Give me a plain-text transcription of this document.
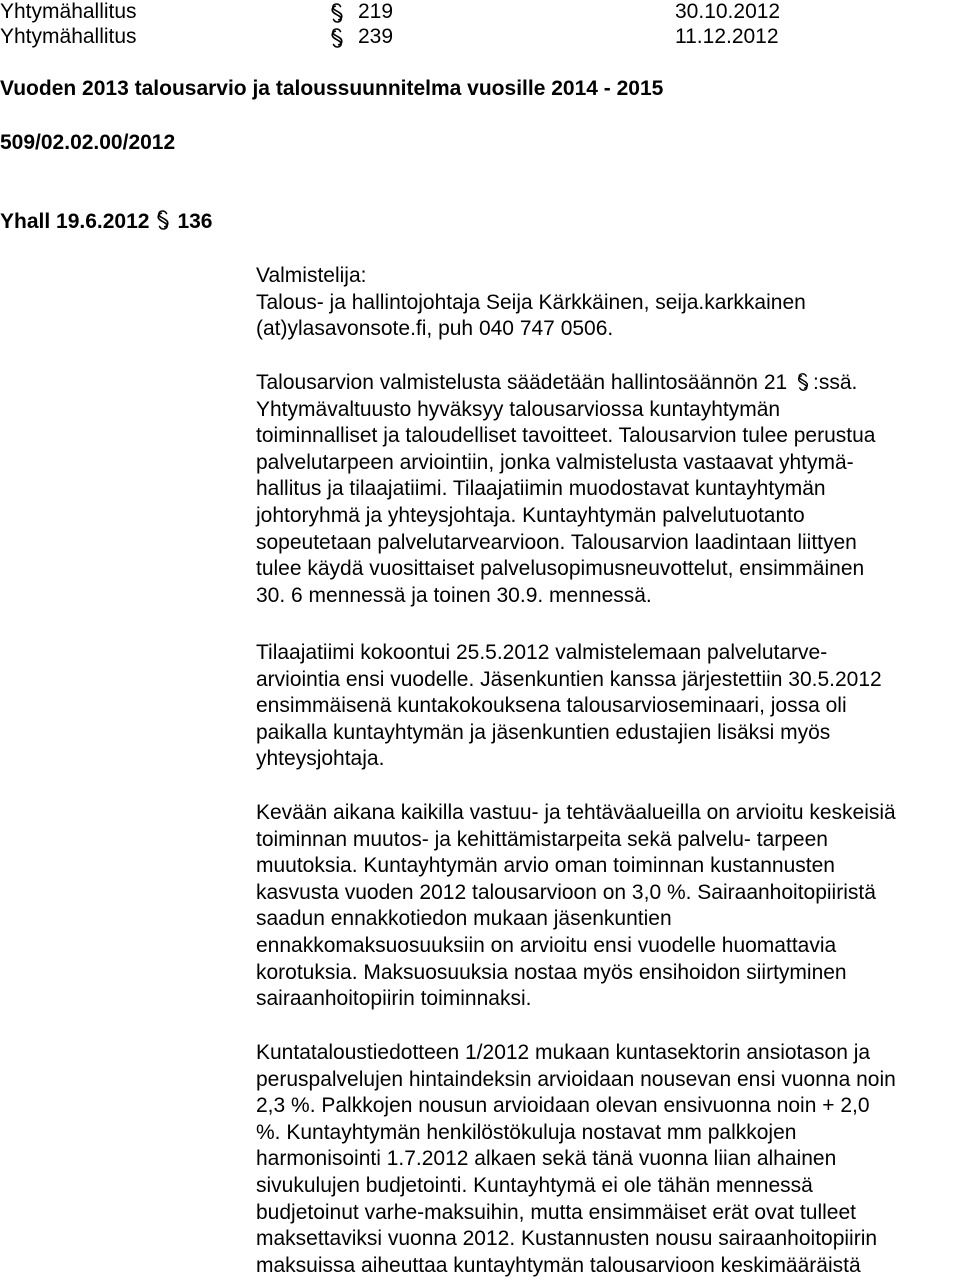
Yhtymähallitus	219	30.10.2012
Yhtymähallitus	239	11.12.2012
Vuoden 2013 talousarvio ja taloussuunnitelma vuosille 2014 - 2015
509/02.02.00/2012
Yhall 19.6.2012 136
Valmistelija:
Talous- ja hallintojohtaja Seija Kärkkäinen, seija.karkkainen
(at)ylasavonsote.fi, puh 040 747 0506.
Talousarvion valmistelusta säädetään hallintosäännön 21 :ssä.
Yhtymävaltuusto hyväksyy talousarviossa kuntayhtymän
toiminnalliset ja taloudelliset tavoitteet. Talousarvion tulee perustua
palvelutarpeen arviointiin, jonka valmistelusta vastaavat yhtymä-
hallitus ja tilaajatiimi. Tilaajatiimin muodostavat kuntayhtymän
johtoryhmä ja yhteysjohtaja. Kuntayhtymän palvelutuotanto
sopeutetaan palvelutarvearvioon. Talousarvion laadintaan liittyen
tulee käydä vuosittaiset palvelusopimusneuvottelut, ensimmäinen
30. 6 mennessä ja toinen 30.9. mennessä.
Tilaajatiimi kokoontui 25.5.2012 valmistelemaan palvelutarve-
arviointia ensi vuodelle. Jäsenkuntien kanssa järjestettiin 30.5.2012
ensimmäisenä kuntakokouksena talousarvioseminaari, jossa oli
paikalla kuntayhtymän ja jäsenkuntien edustajien lisäksi myös
yhteysjohtaja.
Kevään aikana kaikilla vastuu- ja tehtäväalueilla on arvioitu keskeisiä
toiminnan muutos- ja kehittämistarpeita sekä palvelu- tarpeen
muutoksia. Kuntayhtymän arvio oman toiminnan kustannusten
kasvusta vuoden 2012 talousarvioon on 3,0 %. Sairaanhoitopiiristä
saadun ennakkotiedon mukaan jäsenkuntien
ennakkomaksuosuuksiin on arvioitu ensi vuodelle huomattavia
korotuksia. Maksuosuuksia nostaa myös ensihoidon siirtyminen
sairaanhoitopiirin toiminnaksi.
Kuntataloustiedotteen 1/2012 mukaan kuntasektorin ansiotason ja
peruspalvelujen hintaindeksin arvioidaan nousevan ensi vuonna noin
2,3 %. Palkkojen nousun arvioidaan olevan ensivuonna noin + 2,0
%. Kuntayhtymän henkilöstökuluja nostavat mm palkkojen
harmonisointi 1.7.2012 alkaen sekä tänä vuonna liian alhainen
sivukulujen budjetointi. Kuntayhtymä ei ole tähän mennessä
budjetoinut varhe-maksuihin, mutta ensimmäiset erät ovat tulleet
maksettaviksi vuonna 2012. Kustannusten nousu sairaanhoitopiirin
maksuissa aiheuttaa kuntayhtymän talousarvioon keskimääräistä
